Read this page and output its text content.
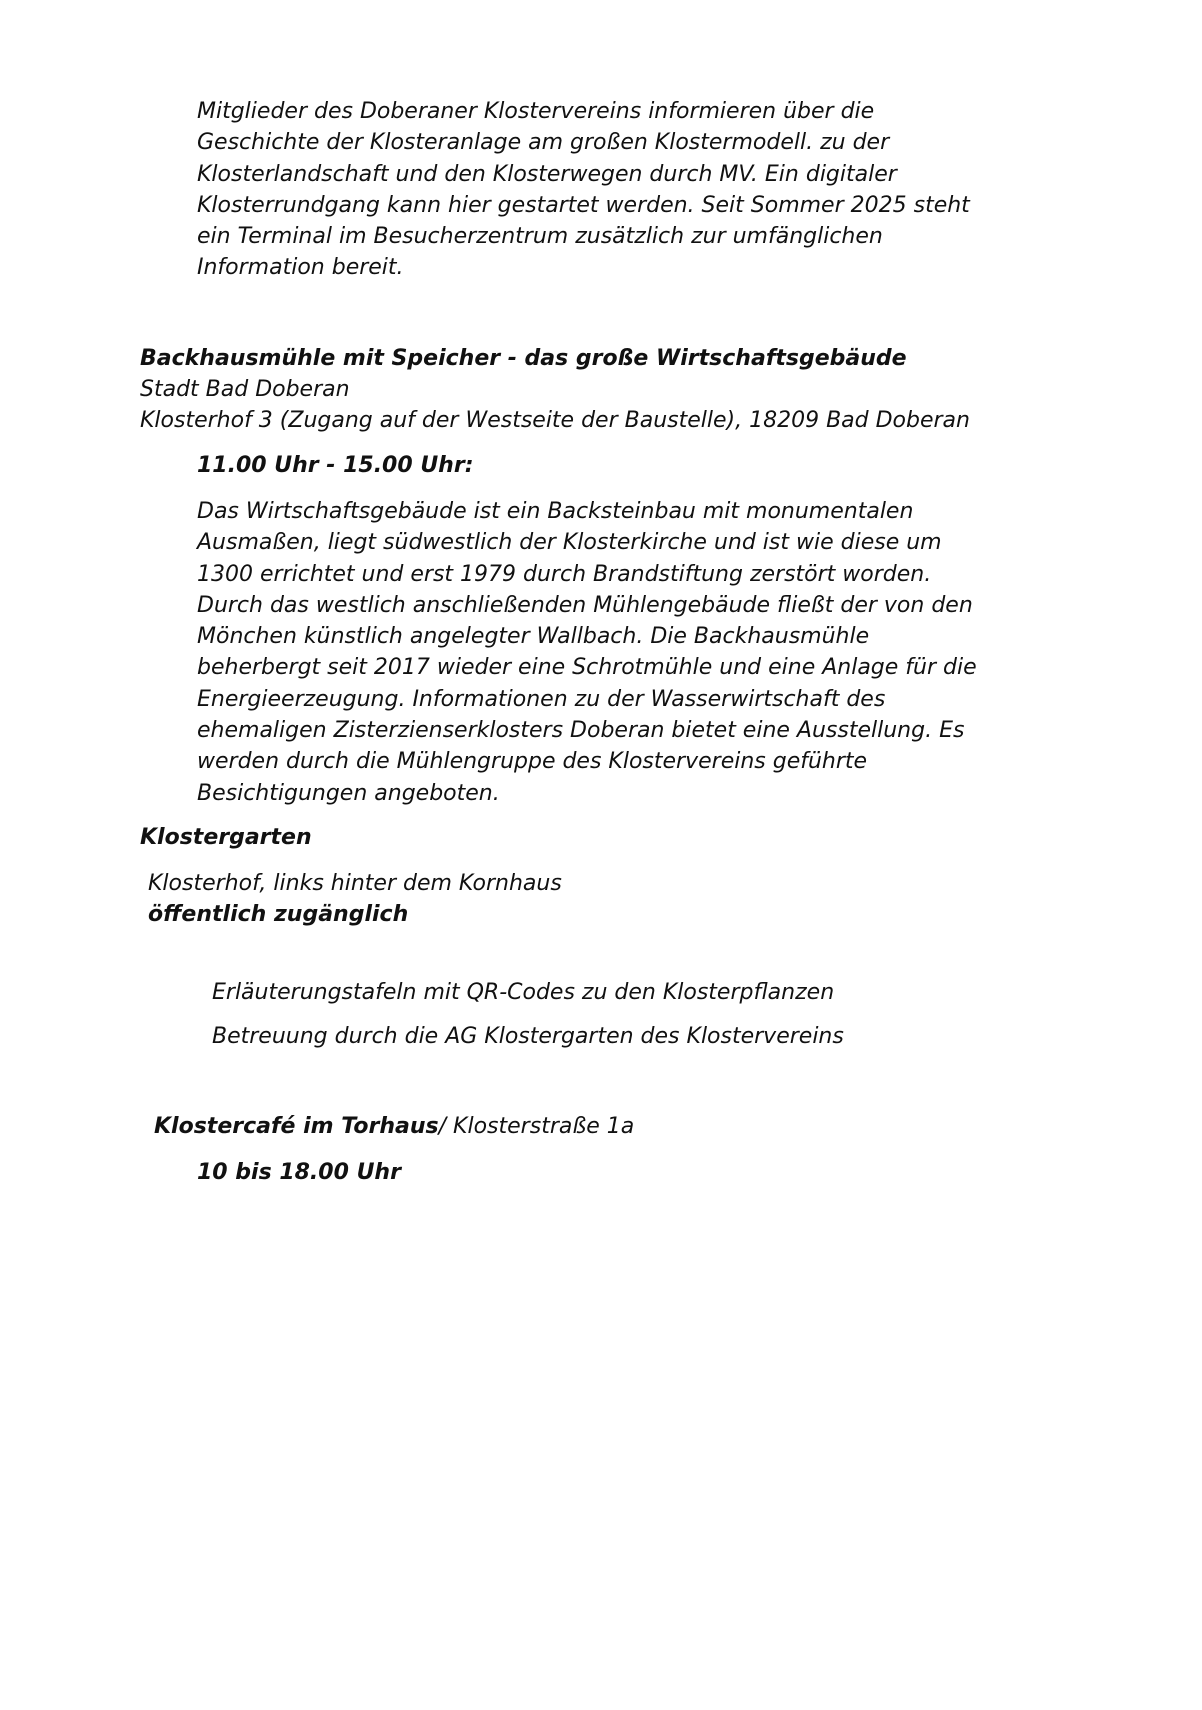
Mitglieder des Doberaner Klostervereins informieren über die
Geschichte der Klosteranlage am großen Klostermodell. zu der
Klosterlandschaft und den Klosterwegen durch MV. Ein digitaler
Klosterrundgang kann hier gestartet werden. Seit Sommer 2025 steht
ein Terminal im Besucherzentrum zusätzlich zur umfänglichen
Information bereit.

Backhausmühle mit Speicher - das große Wirtschaftsgebäude

Stadt Bad Doberan

Klosterhof 3 (Zugang auf der Westseite der Baustelle), 18209 Bad Doberan

11.00 Uhr - 15.00 Uhr:

Das Wirtschaftsgebäude ist ein Backsteinbau mit monumentalen
Ausmaßen, liegt südwestlich der Klosterkirche und ist wie diese um
1300 errichtet und erst 1979 durch Brandstiftung zerstört worden.
Durch das westlich anschließenden Mühlengebäude fließt der von den
Mönchen künstlich angelegter Wallbach. Die Backhausmühle
beherbergt seit 2017 wieder eine Schrotmühle und eine Anlage für die
Energieerzeugung. Informationen zu der Wasserwirtschaft des
ehemaligen Zisterzienserklosters Doberan bietet eine Ausstellung. Es
werden durch die Mühlengruppe des Klostervereins geführte
Besichtigungen angeboten.

Klostergarten

Klosterhof, links hinter dem Kornhaus

öffentlich zugänglich

Erläuterungstafeln mit QR-Codes zu den Klosterpflanzen

Betreuung durch die AG Klostergarten des Klostervereins

Klostercafé im Torhaus/ Klosterstraße 1a

10 bis 18.00 Uhr
